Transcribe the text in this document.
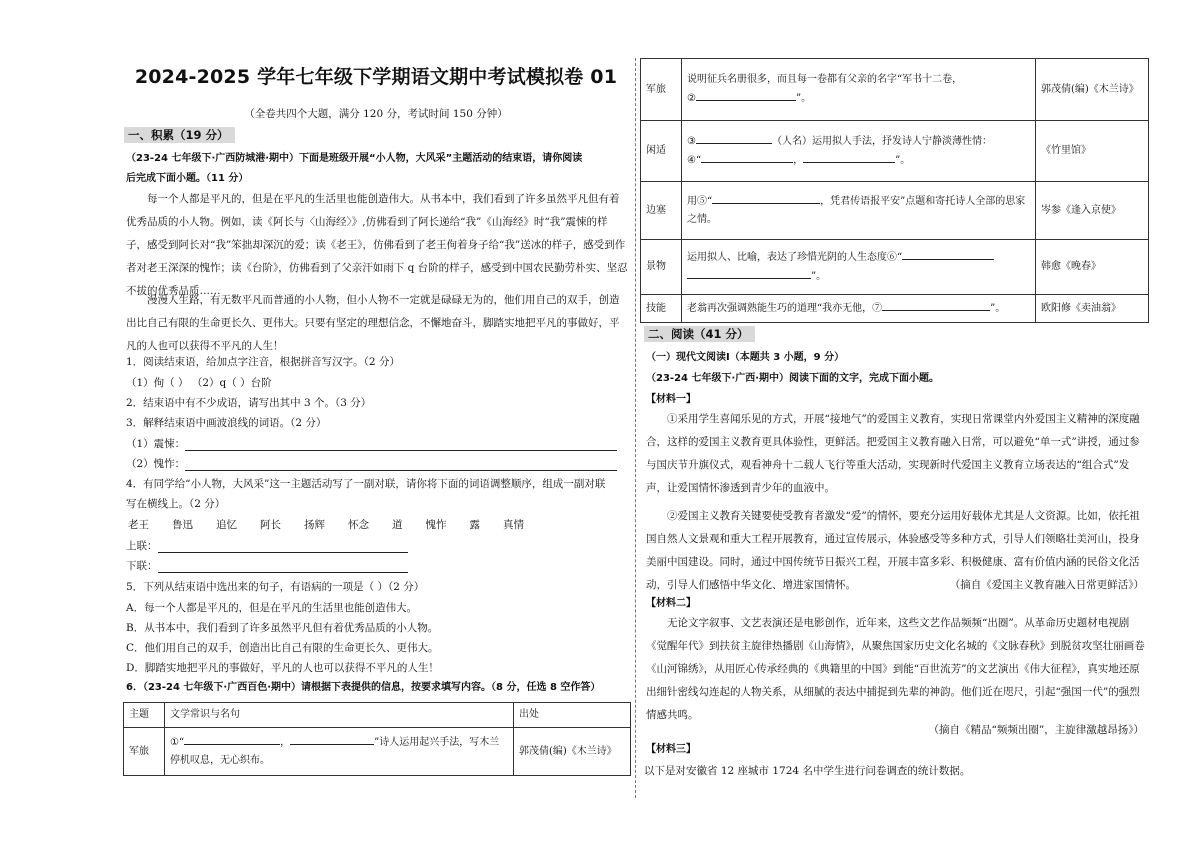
2024-2025 学年七年级下学期语文期中考试模拟卷 01
（全卷共四个大题，满分 120 分，考试时间 150 分钟）
一、积累（19 分）
（23-24 七年级下·广西防城港·期中）下面是班级开展“小人物，大风采”主题活动的结束语，请你阅读
后完成下面小题。（11 分）
每一个人都是平凡的，但是在平凡的生活里也能创造伟大。从书本中，我们看到了许多虽然平凡但有着优秀品质的小人物。例如，读《阿长与〈山海经〉》,仿佛看到了阿长递给“我”《山海经》时“我”震悚的样子，感受到阿长对“我”笨拙却深沉的爱；读《老王》，仿佛看到了老王佝着身子给“我”送冰的样子，感受到作者对老王深深的愧怍；读《台阶》，仿佛看到了父亲汗如雨下 q 台阶的样子，感受到中国农民勤劳朴实、坚忍不拔的优秀品质……
漫漫人生路，有无数平凡而普通的小人物，但小人物不一定就是碌碌无为的，他们用自己的双手，创造出比自己有限的生命更长久、更伟大。只要有坚定的理想信念，不懈地奋斗，脚踏实地把平凡的事做好，平凡的人也可以获得不平凡的人生！
1．阅读结束语，给加点字注音，根据拼音写汉字。（2 分）
（1）佝（ ） （2）q（ ）台阶
2．结束语中有不少成语，请写出其中 3 个。（3 分）
3．解释结束语中画波浪线的词语。（2 分）
（1）震悚：
（2）愧怍：
4．有同学给“小人物，大风采”这一主题活动写了一副对联，请你将下面的词语调整顺序，组成一副对联
写在横线上。（2 分）
老王 鲁迅 追忆 阿长 扬辉 怀念 道 愧怍 露 真情
上联：
下联：
5．下列从结束语中选出来的句子，有语病的一项是（ ）（2 分）
A．每一个人都是平凡的，但是在平凡的生活里也能创造伟大。
B．从书本中，我们看到了许多虽然平凡但有着优秀品质的小人物。
C．他们用自己的双手，创造出比自己有限的生命更长久、更伟大。
D．脚踏实地把平凡的事做好，平凡的人也可以获得不平凡的人生！
6．（23-24 七年级下·广西百色·期中）请根据下表提供的信息，按要求填写内容。（8 分，任选 8 空作答）
主题	文学常识与名句	出处
军旅	①“ ， ”诗人运用起兴手法，写木兰停机叹息，无心织布。	郭茂倩(编)《木兰诗》
军旅	说明征兵名册很多，而且每一卷都有父亲的名字“军书十二卷，
② ”。	郭茂倩(编)《木兰诗》
闲适	③ （人名）运用拟人手法，抒发诗人宁静淡薄性情：
④“ ， ”。	《竹里馆》
边塞	用⑤“ ，凭君传语报平安”点题和寄托诗人全部的思家之情。	岑参《逢入京使》
景物	运用拟人、比喻，表达了珍惜光阴的人生态度⑥“
”。	韩愈《晚春》
技能	老翁再次强调熟能生巧的道理“我亦无他，⑦ ”。	欧阳修《卖油翁》
二、阅读（41 分）
（一）现代文阅读Ⅰ（本题共 3 小题，9 分）
（23-24 七年级下·广西·期中）阅读下面的文字，完成下面小题。
【材料一】
①采用学生喜闻乐见的方式，开展“接地气”的爱国主义教育，实现日常课堂内外爱国主义精神的深度融合，这样的爱国主义教育更具体验性，更鲜活。把爱国主义教育融入日常，可以避免“单一式”讲授，通过参与国庆节升旗仪式，观看神舟十二载人飞行等重大活动，实现新时代爱国主义教育立场表达的“组合式”发声，让爱国情怀渗透到青少年的血液中。
②爱国主义教育关键要使受教育者激发“爱”的情怀，要充分运用好载体尤其是人文资源。比如，依托祖国自然人文景观和重大工程开展教育，通过宣传展示，体验感受等多种方式，引导人们领略壮美河山，投身美丽中国建设。同时，通过中国传统节日振兴工程，开展丰富多彩、积极健康、富有价值内涵的民俗文化活动，引导人们感悟中华文化、增进家国情怀。	（摘自《爱国主义教育融入日常更鲜活》）
【材料二】
无论文字叙事、文艺表演还是电影创作，近年来，这些文艺作品频频“出圈”。从革命历史题材电视剧《觉醒年代》到扶贫主旋律热播剧《山海情》，从聚焦国家历史文化名城的《文脉春秋》到脱贫攻坚壮丽画卷《山河锦绣》，从用匠心传承经典的《典籍里的中国》到能“百世流芳”的文艺演出《伟大征程》，真实地还原出细针密线勾连起的人物关系，从细腻的表达中捕捉到先辈的神韵。他们近在咫尺，引起“强国一代”的强烈情感共鸣。
（摘自《精品“频频出圈”，主旋律激越昂扬》）
【材料三】
以下是对安徽省 12 座城市 1724 名中学生进行问卷调查的统计数据。
